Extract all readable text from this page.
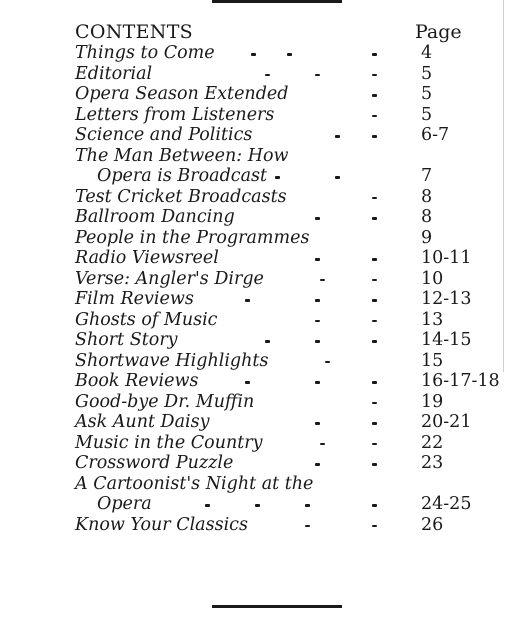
CONTENTS	Page
Things to Come	4
Editorial	5
Opera Season Extended	5
Letters from Listeners	5
Science and Politics	6-7
The Man Between: How
Opera is Broadcast	7
Test Cricket Broadcasts	8
Ballroom Dancing	8
People in the Programmes	9
Radio Viewsreel	10-11
Verse: Angler's Dirge	10
Film Reviews	12-13
Ghosts of Music	13
Short Story	14-15
Shortwave Highlights	15
Book Reviews	16-17-18
Good-bye Dr. Muffin	19
Ask Aunt Daisy	20-21
Music in the Country	22
Crossword Puzzle	23
A Cartoonist's Night at the
Opera	24-25
Know Your Classics	26
